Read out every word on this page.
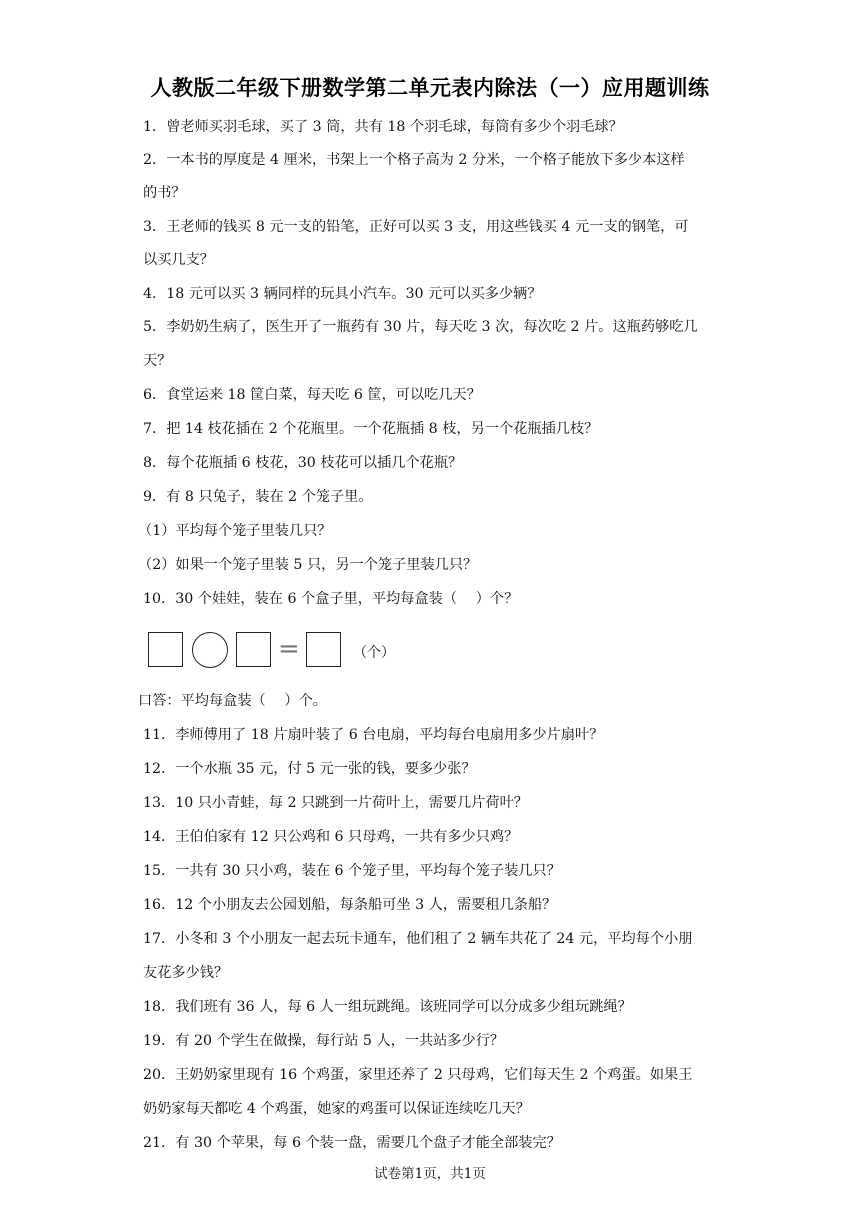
人教版二年级下册数学第二单元表内除法（一）应用题训练
1．曾老师买羽毛球，买了 3 筒，共有 18 个羽毛球，每筒有多少个羽毛球？
2．一本书的厚度是 4 厘米，书架上一个格子高为 2 分米，一个格子能放下多少本这样
的书？
3．王老师的钱买 8 元一支的铅笔，正好可以买 3 支，用这些钱买 4 元一支的钢笔，可
以买几支？
4．18 元可以买 3 辆同样的玩具小汽车。30 元可以买多少辆？
5．李奶奶生病了，医生开了一瓶药有 30 片，每天吃 3 次，每次吃 2 片。这瓶药够吃几
天？
6．食堂运来 18 筐白菜，每天吃 6 筐，可以吃几天？
7．把 14 枝花插在 2 个花瓶里。一个花瓶插 8 枝，另一个花瓶插几枝？
8．每个花瓶插 6 枝花，30 枝花可以插几个花瓶？
9．有 8 只兔子，装在 2 个笼子里。
（1）平均每个笼子里装几只？
（2）如果一个笼子里装 5 只，另一个笼子里装几只？
10．30 个娃娃，装在 6 个盒子里，平均每盒装（　 ）个？
=	（个）
口答：平均每盒装（　 ）个。
11．李师傅用了 18 片扇叶装了 6 台电扇，平均每台电扇用多少片扇叶？
12．一个水瓶 35 元，付 5 元一张的钱，要多少张？
13．10 只小青蛙，每 2 只跳到一片荷叶上，需要几片荷叶？
14．王伯伯家有 12 只公鸡和 6 只母鸡，一共有多少只鸡？
15．一共有 30 只小鸡，装在 6 个笼子里，平均每个笼子装几只？
16．12 个小朋友去公园划船，每条船可坐 3 人，需要租几条船？
17．小冬和 3 个小朋友一起去玩卡通车，他们租了 2 辆车共花了 24 元，平均每个小朋
友花多少钱？
18．我们班有 36 人，每 6 人一组玩跳绳。该班同学可以分成多少组玩跳绳？
19．有 20 个学生在做操，每行站 5 人，一共站多少行？
20．王奶奶家里现有 16 个鸡蛋，家里还养了 2 只母鸡，它们每天生 2 个鸡蛋。如果王
奶奶家每天都吃 4 个鸡蛋，她家的鸡蛋可以保证连续吃几天？
21．有 30 个苹果，每 6 个装一盘，需要几个盘子才能全部装完？
试卷第1页，共1页
